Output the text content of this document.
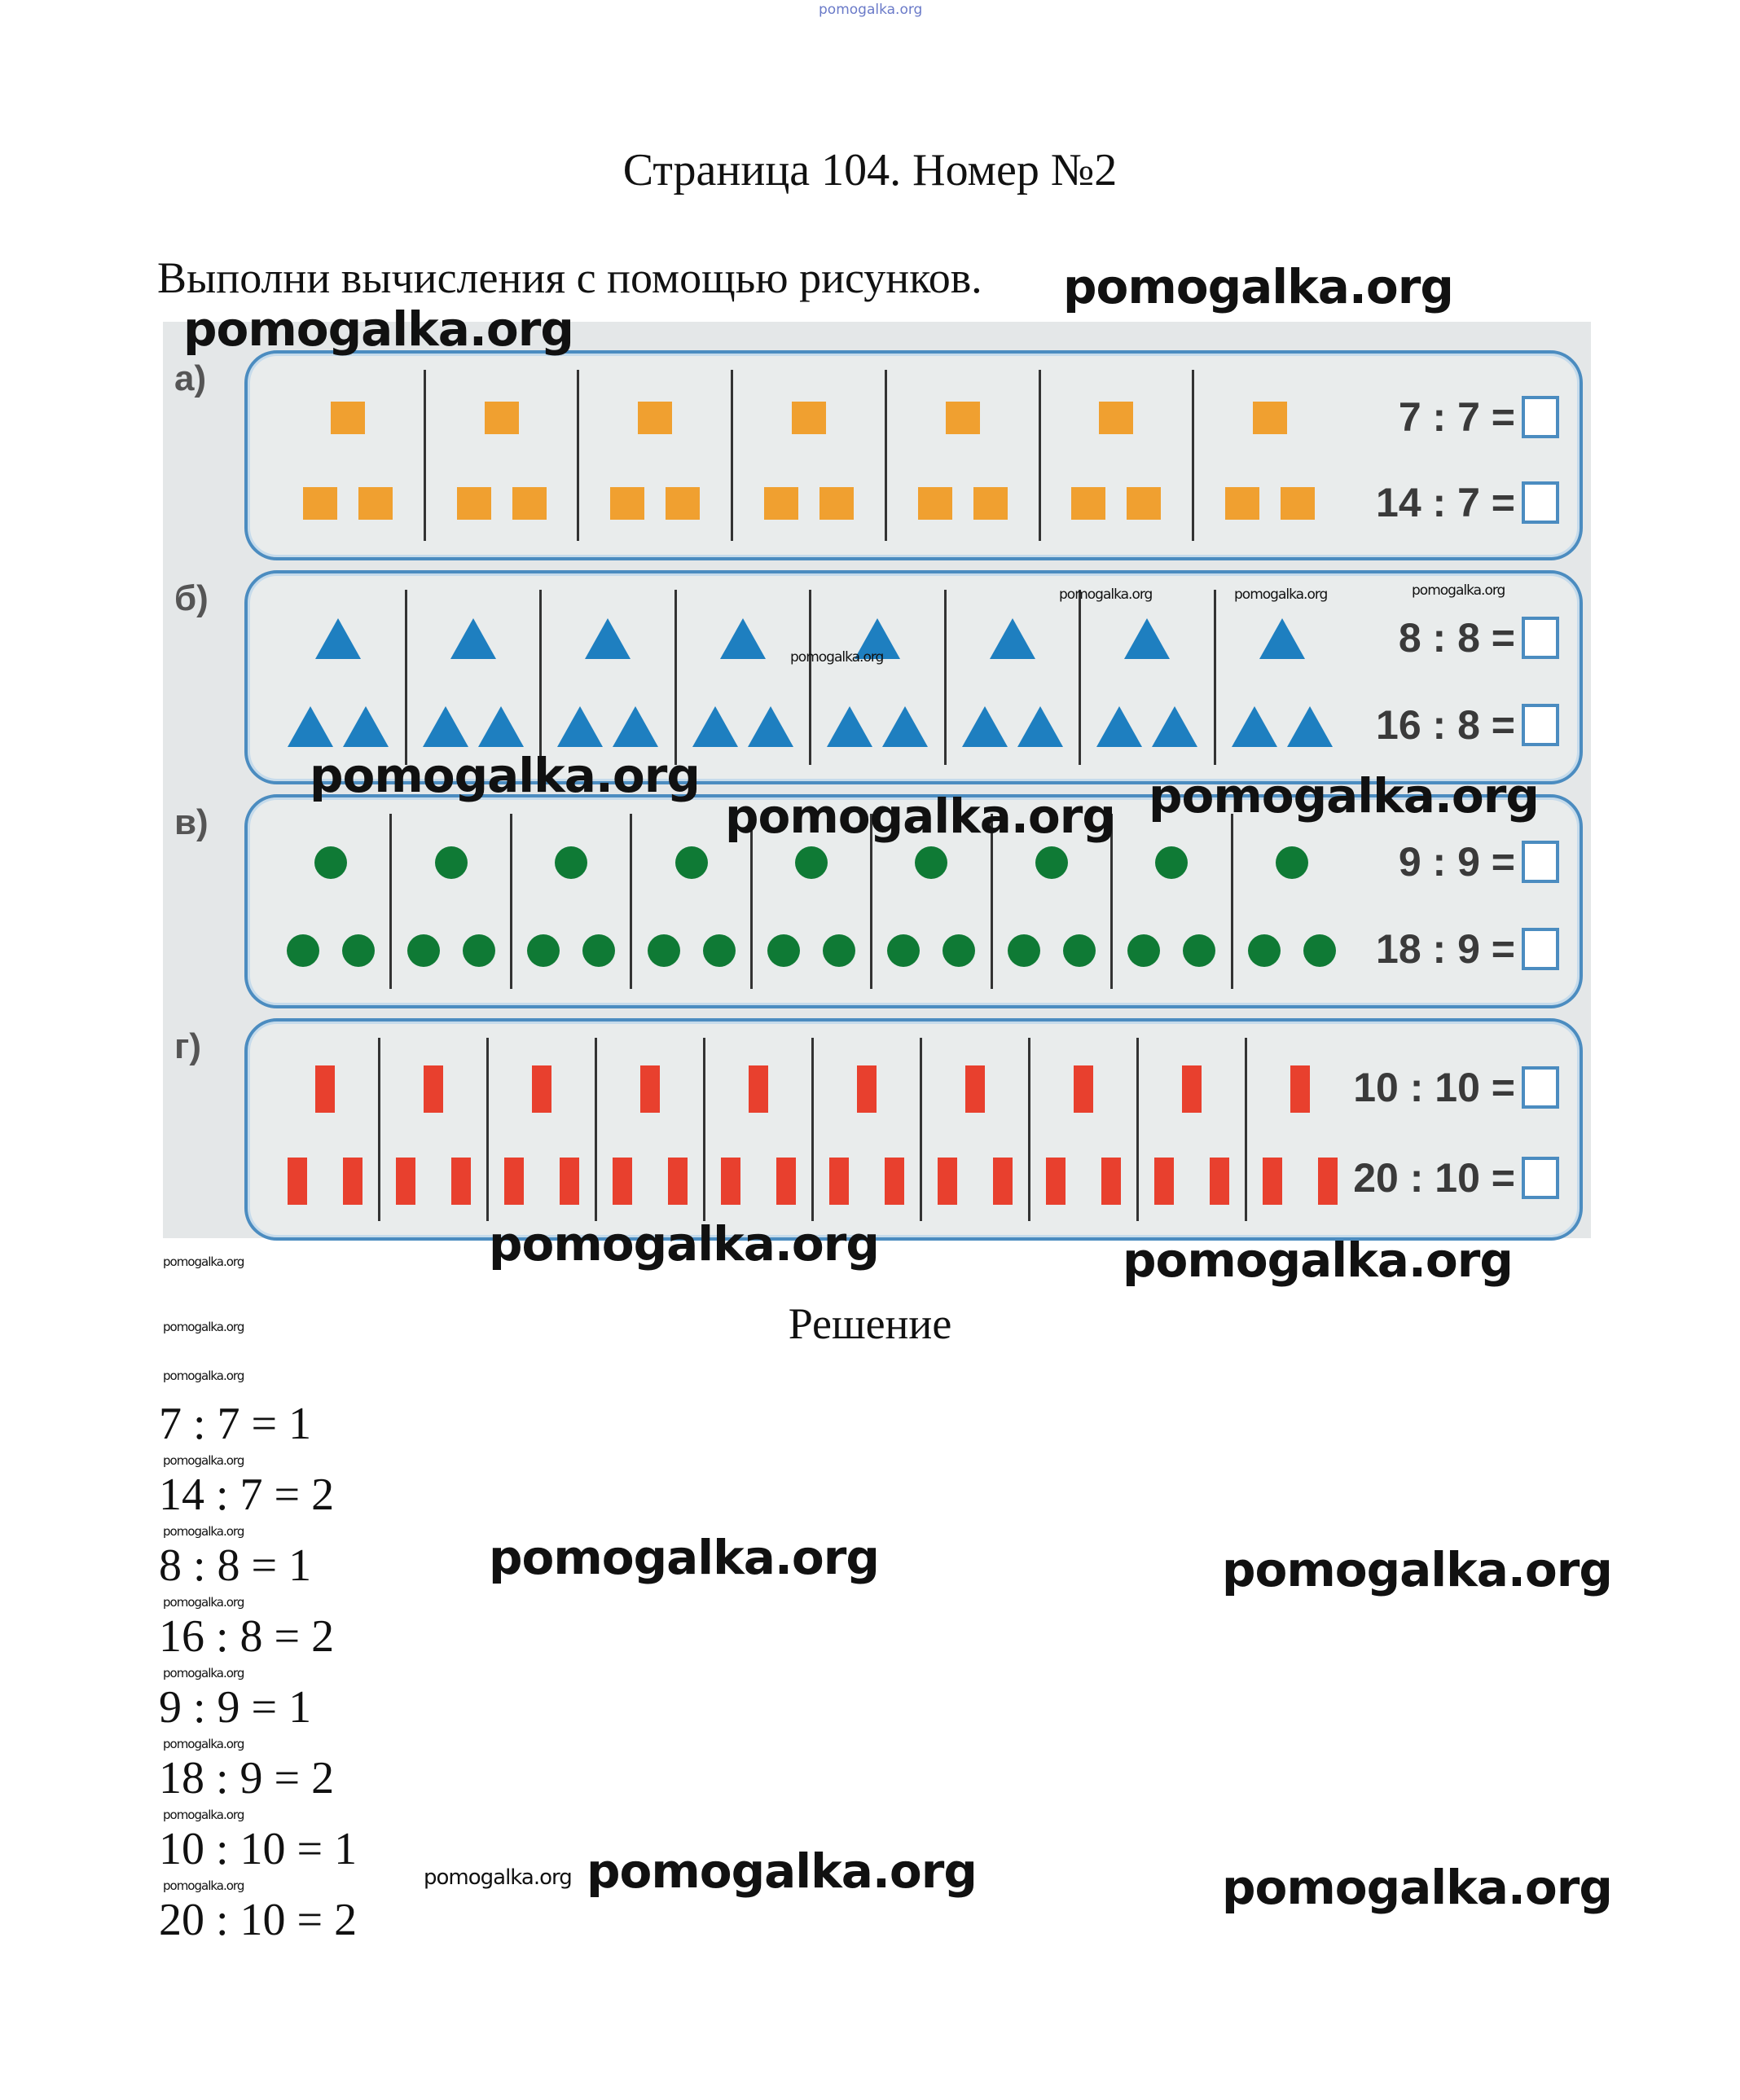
pomogalka.org
Страница 104. Номер №2
Выполни вычисления с помощью рисунков.
а)
7 : 7 =
14 : 7 =
б)
8 : 8 =
16 : 8 =
в)
9 : 9 =
18 : 9 =
г)
10 : 10 =
20 : 10 =
Решение
7 : 7 = 1
14 : 7 = 2
8 : 8 = 1
16 : 8 = 2
9 : 9 = 1
18 : 9 = 2
10 : 10 = 1
20 : 10 = 2
pomogalka.org
pomogalka.org
pomogalka.org
pomogalka.org pomogalka.org
pomogalka.org	pomogalka.org
pomogalka.org	pomogalka.org
pomogalka.org	pomogalka.org
pomogalka.org	pomogalka.org	pomogalka.org
pomogalka.org
pomogalka.org
pomogalka.org
pomogalka.org
pomogalka.org
pomogalka.org
pomogalka.org
pomogalka.org
pomogalka.org
pomogalka.org
pomogalka.org
pomogalka.org
